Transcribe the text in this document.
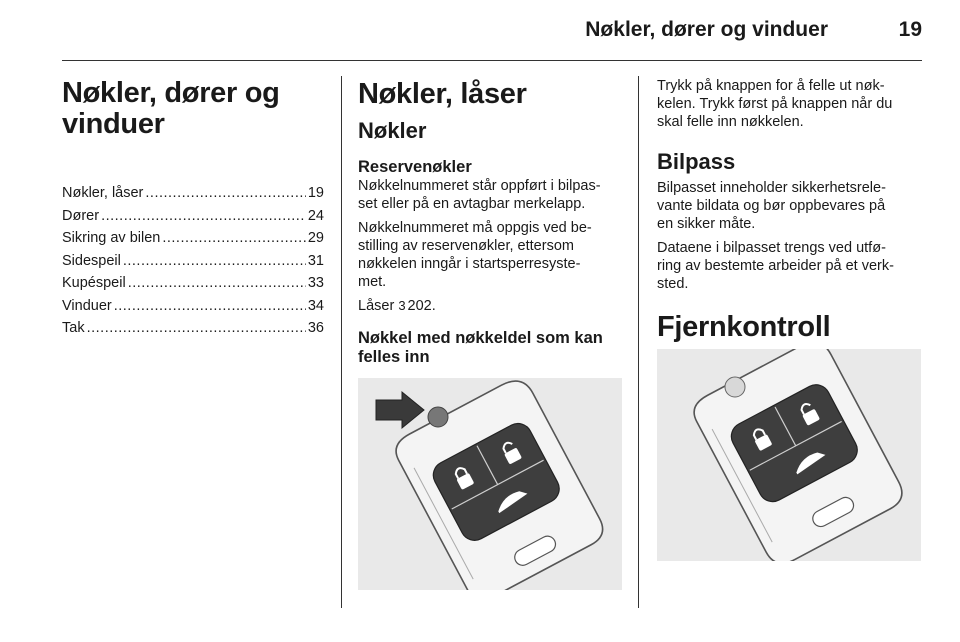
Nøkler, dører og vinduer	19
Nøkler, dører og
vinduer
Nøkler, låser .....	19
Dører .....	24
Sikring av bilen .....	29
Sidespeil .....	31
Kupéspeil .....	33
Vinduer .....	34
Tak .....	36
Nøkler, låser
Nøkler
Reservenøkler

Nøkkelnummeret står oppført i bilpas-
set eller på en avtagbar merkelapp.

Nøkkelnummeret må oppgis ved be-
stilling av reservenøkler, ettersom
nøkkelen inngår i startsperresyste-
met.

Låser 3 202.

Nøkkel med nøkkeldel som kan
felles inn

Trykk på knappen for å felle ut nøk-
kelen. Trykk først på knappen når du
skal felle inn nøkkelen.

Bilpass

Bilpasset inneholder sikkerhetsrele-
vante bildata og bør oppbevares på
en sikker måte.

Dataene i bilpasset trengs ved utfø-
ring av bestemte arbeider på et verk-
sted.

Fjernkontroll
